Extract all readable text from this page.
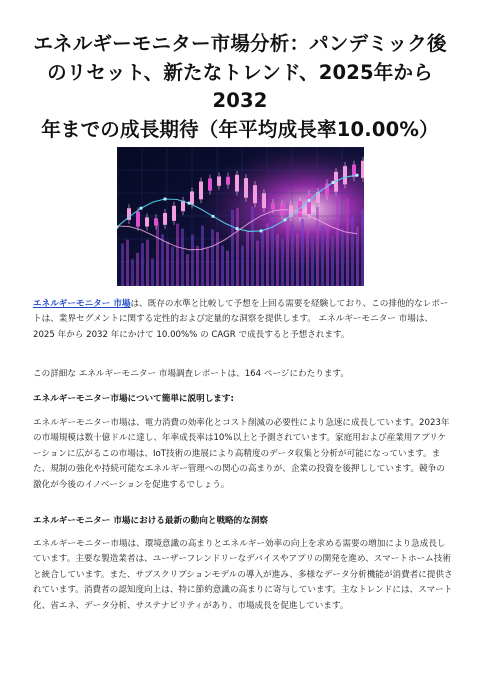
エネルギーモニター市場分析：パンデミック後
のリセット、新たなトレンド、2025年から2032
年までの成長期待（年平均成長率10.00%）

エネルギーモニター 市場は、既存の水準と比較して予想を上回る需要を経験しており、この排他的なレポートは、業界セグメントに関する定性的および定量的な洞察を提供します。 エネルギーモニター 市場は、2025 年から 2032 年にかけて 10.00%% の CAGR で成長すると予想されます。

この詳細な エネルギーモニター 市場調査レポートは、164 ページにわたります。

エネルギーモニター市場について簡単に説明します:

エネルギーモニター市場は、電力消費の効率化とコスト削減の必要性により急速に成長しています。2023年の市場規模は数十億ドルに達し、年率成長率は10%以上と予測されています。家庭用および産業用アプリケーションに広がるこの市場は、IoT技術の進展により高精度のデータ収集と分析が可能になっています。また、規制の強化や持続可能なエネルギー管理への関心の高まりが、企業の投資を後押ししています。競争の激化が今後のイノベーションを促進するでしょう。

エネルギーモニター 市場における最新の動向と戦略的な洞察

エネルギーモニター市場は、環境意識の高まりとエネルギー効率の向上を求める需要の増加により急成長しています。主要な製造業者は、ユーザーフレンドリーなデバイスやアプリの開発を進め、スマートホーム技術と統合しています。また、サブスクリプションモデルの導入が進み、多様なデータ分析機能が消費者に提供されています。消費者の認知度向上は、特に節約意識の高まりに寄与しています。主なトレンドには、スマート化、省エネ、データ分析、サステナビリティがあり、市場成長を促進しています。
